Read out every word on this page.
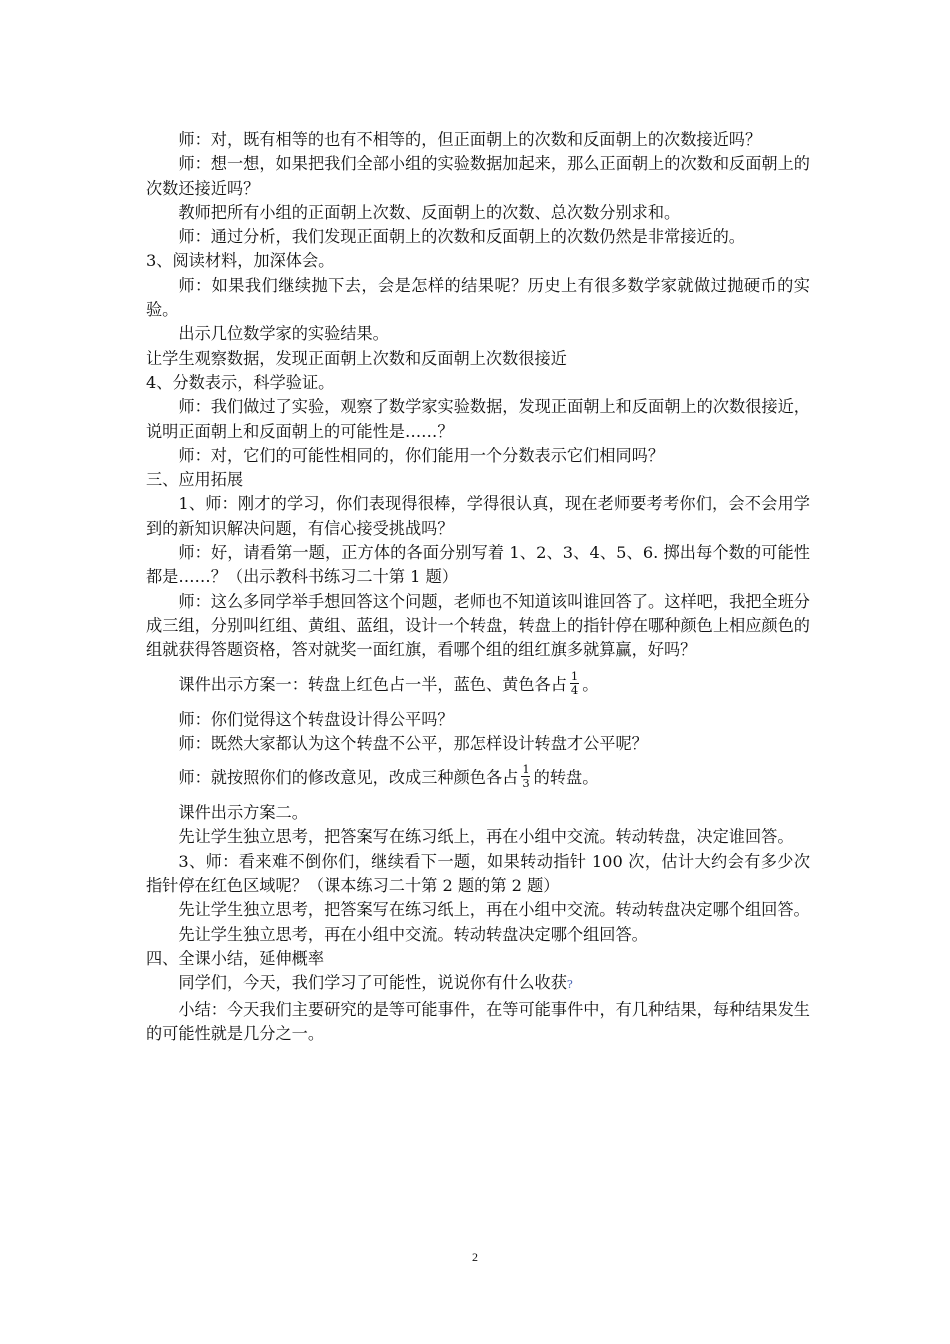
师：对，既有相等的也有不相等的，但正面朝上的次数和反面朝上的次数接近吗？

师：想一想，如果把我们全部小组的实验数据加起来，那么正面朝上的次数和反面朝上的次数还接近吗？

教师把所有小组的正面朝上次数、反面朝上的次数、总次数分别求和。

师：通过分析，我们发现正面朝上的次数和反面朝上的次数仍然是非常接近的。

3、阅读材料，加深体会。

师：如果我们继续抛下去，会是怎样的结果呢？历史上有很多数学家就做过抛硬币的实验。

出示几位数学家的实验结果。

让学生观察数据，发现正面朝上次数和反面朝上次数很接近

4、分数表示，科学验证。

师：我们做过了实验，观察了数学家实验数据，发现正面朝上和反面朝上的次数很接近，说明正面朝上和反面朝上的可能性是……？

师：对，它们的可能性相同的，你们能用一个分数表示它们相同吗？

三、应用拓展

1、师：刚才的学习，你们表现得很棒，学得很认真，现在老师要考考你们，会不会用学到的新知识解决问题，有信心接受挑战吗？

师：好，请看第一题，正方体的各面分别写着 1、2、3、4、5、6. 掷出每个数的可能性都是……？（出示教科书练习二十第 1 题）

师：这么多同学举手想回答这个问题，老师也不知道该叫谁回答了。这样吧，我把全班分成三组，分别叫红组、黄组、蓝组，设计一个转盘，转盘上的指针停在哪种颜色上相应颜色的组就获得答题资格，答对就奖一面红旗，看哪个组的组红旗多就算赢，好吗？

课件出示方案一：转盘上红色占一半，蓝色、黄色各占 $\frac{1}{4}$ 。

师：你们觉得这个转盘设计得公平吗？

师：既然大家都认为这个转盘不公平，那怎样设计转盘才公平呢？

师：就按照你们的修改意见，改成三种颜色各占 $\frac{1}{3}$ 的转盘。

课件出示方案二。

先让学生独立思考，把答案写在练习纸上，再在小组中交流。转动转盘，决定谁回答。

3、师：看来难不倒你们，继续看下一题，如果转动指针 100 次，估计大约会有多少次指针停在红色区域呢？（课本练习二十第 2 题的第 2 题）

先让学生独立思考，把答案写在练习纸上，再在小组中交流。转动转盘决定哪个组回答。

先让学生独立思考，再在小组中交流。转动转盘决定哪个组回答。

四、全课小结，延伸概率

同学们，今天，我们学习了可能性，说说你有什么收获?

小结：今天我们主要研究的是等可能事件，在等可能事件中，有几种结果，每种结果发生的可能性就是几分之一。

2
